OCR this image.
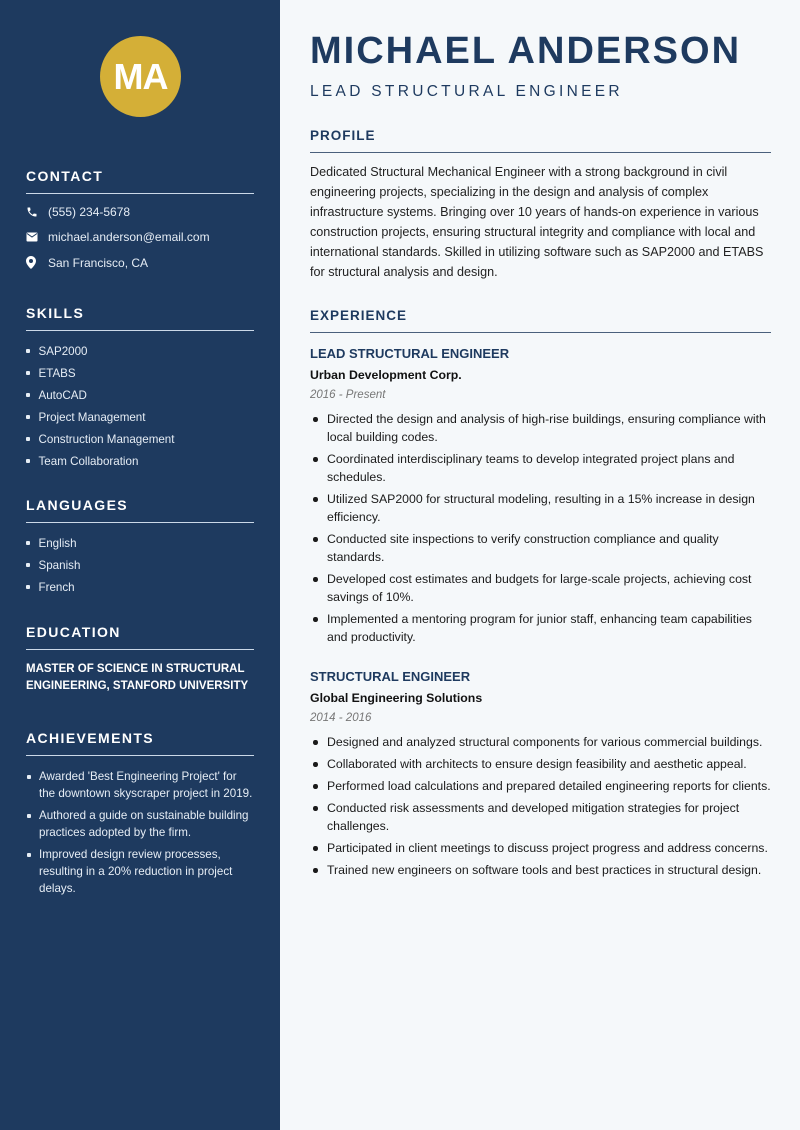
MA
CONTACT
(555) 234-5678
michael.anderson@email.com
San Francisco, CA
SKILLS
SAP2000
ETABS
AutoCAD
Project Management
Construction Management
Team Collaboration
LANGUAGES
English
Spanish
French
EDUCATION

MASTER OF SCIENCE IN STRUCTURAL ENGINEERING, STANFORD UNIVERSITY

ACHIEVEMENTS
Awarded 'Best Engineering Project' for the downtown skyscraper project in 2019.
Authored a guide on sustainable building practices adopted by the firm.
Improved design review processes, resulting in a 20% reduction in project delays.
MICHAEL ANDERSON
LEAD STRUCTURAL ENGINEER
PROFILE

Dedicated Structural Mechanical Engineer with a strong background in civil engineering projects, specializing in the design and analysis of complex infrastructure systems. Bringing over 10 years of hands-on experience in various construction projects, ensuring structural integrity and compliance with local and international standards. Skilled in utilizing software such as SAP2000 and ETABS for structural analysis and design.

EXPERIENCE
LEAD STRUCTURAL ENGINEER
Urban Development Corp.
2016 - Present
Directed the design and analysis of high-rise buildings, ensuring compliance with local building codes.
Coordinated interdisciplinary teams to develop integrated project plans and schedules.
Utilized SAP2000 for structural modeling, resulting in a 15% increase in design efficiency.
Conducted site inspections to verify construction compliance and quality standards.
Developed cost estimates and budgets for large-scale projects, achieving cost savings of 10%.
Implemented a mentoring program for junior staff, enhancing team capabilities and productivity.
STRUCTURAL ENGINEER
Global Engineering Solutions
2014 - 2016
Designed and analyzed structural components for various commercial buildings.
Collaborated with architects to ensure design feasibility and aesthetic appeal.
Performed load calculations and prepared detailed engineering reports for clients.
Conducted risk assessments and developed mitigation strategies for project challenges.
Participated in client meetings to discuss project progress and address concerns.
Trained new engineers on software tools and best practices in structural design.
